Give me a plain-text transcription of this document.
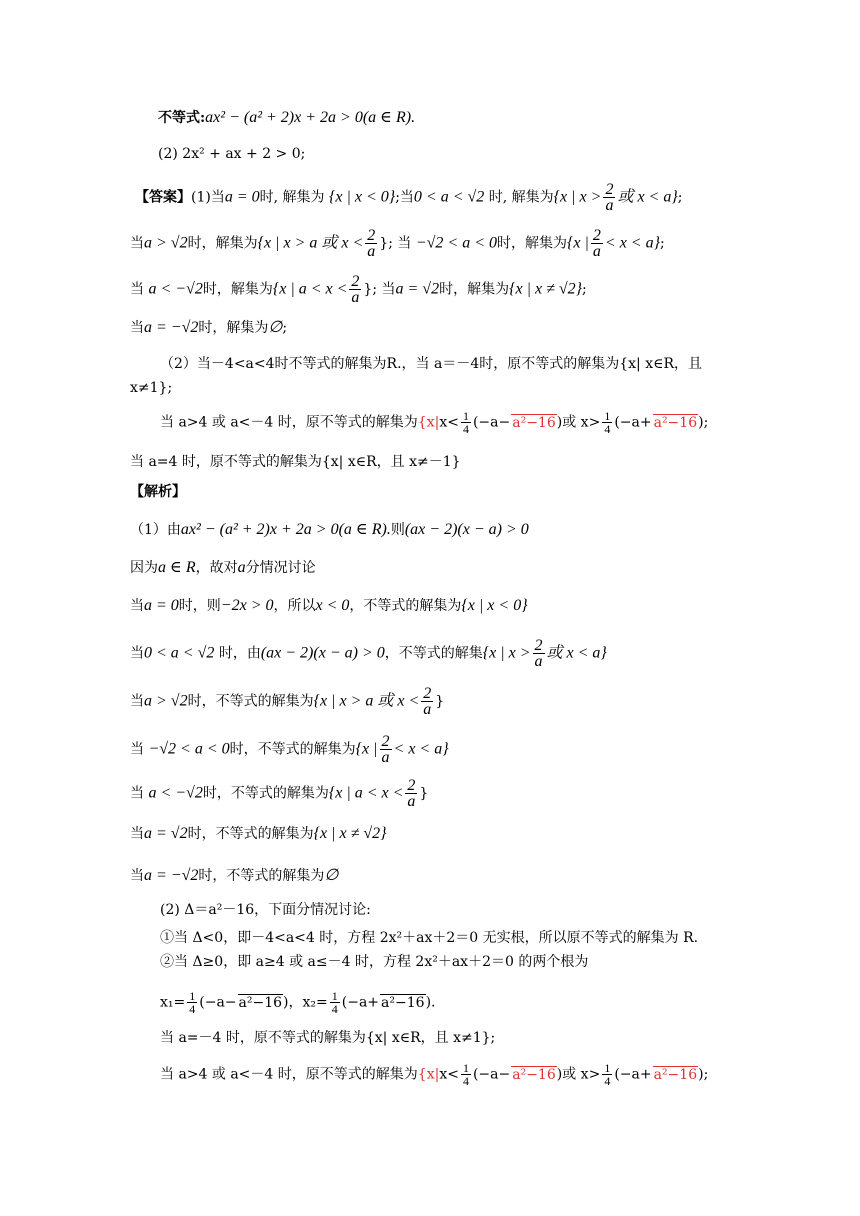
不等式:ax² − (a² + 2)x + 2a > 0(a ∈ R).
(2) 2x² + ax + 2 > 0;
【答案】(1)当a = 0时, 解集为 {x | x < 0};当0 < a < √2 时, 解集为{x | $x > \frac{2}{a}$ 或 x < a};
当a > √2时，解集为{x | x > a 或 $x < \frac{2}{a}$ }; 当 −√2 < a < 0时，解集为{x | $\frac{2}{a} < x < a$};
当 a < −√2时，解集为{x | $a < x < \frac{2}{a}$ }; 当a = √2时，解集为{x | x ≠ √2};
当a = −√2时，解集为∅;
（2）当－4<a<4时不等式的解集为R.，当 a＝－4时，原不等式的解集为{x| x∈R，且
x≠1};
当 a>4 或 a<－4 时，原不等式的解集为{$x|x< \frac{1}{4} (-a- a^2-16)$或 $x> \frac{1}{4} (-a+ a^2-16)$;
当 a=4 时，原不等式的解集为{x| x∈R，且 x≠－1}
【解析】
（1）由ax² − (a² + 2)x + 2a > 0(a ∈ R).则(ax − 2)(x − a) > 0
因为a ∈ R，故对a分情况讨论
当a = 0时，则−2x > 0，所以x < 0，不等式的解集为{x | x < 0}
当0 < a < √2 时，由(ax − 2)(x − a) > 0，不等式的解集{x | $x > \frac{2}{a}$ 或 x < a}
当a > √2时，不等式的解集为{x | x > a 或 $x < \frac{2}{a}$ }
当 −√2 < a < 0时，不等式的解集为{x | $\frac{2}{a} < x < a$}
当 a < −√2时，不等式的解集为{x | $a < x < \frac{2}{a}$ }
当a = √2时，不等式的解集为{x | x ≠ √2}
当a = −√2时，不等式的解集为∅
(2) Δ＝a²－16，下面分情况讨论:
①当 Δ<0，即－4<a<4 时，方程 2x²＋ax＋2＝0 无实根，所以原不等式的解集为 R.
②当 Δ≥0，即 a≥4 或 a≤－4 时，方程 2x²＋ax＋2＝0 的两个根为
$x_1= \frac{1}{4} (-a- a^2-16)$，$x_2= \frac{1}{4} (-a+ a^2-16)$.
当 a=－4 时，原不等式的解集为{x| x∈R，且 x≠1};
当 a>4 或 a<－4 时，原不等式的解集为{$x|x< \frac{1}{4} (-a- a^2-16)$或 $x> \frac{1}{4} (-a+ a^2-16)$;
